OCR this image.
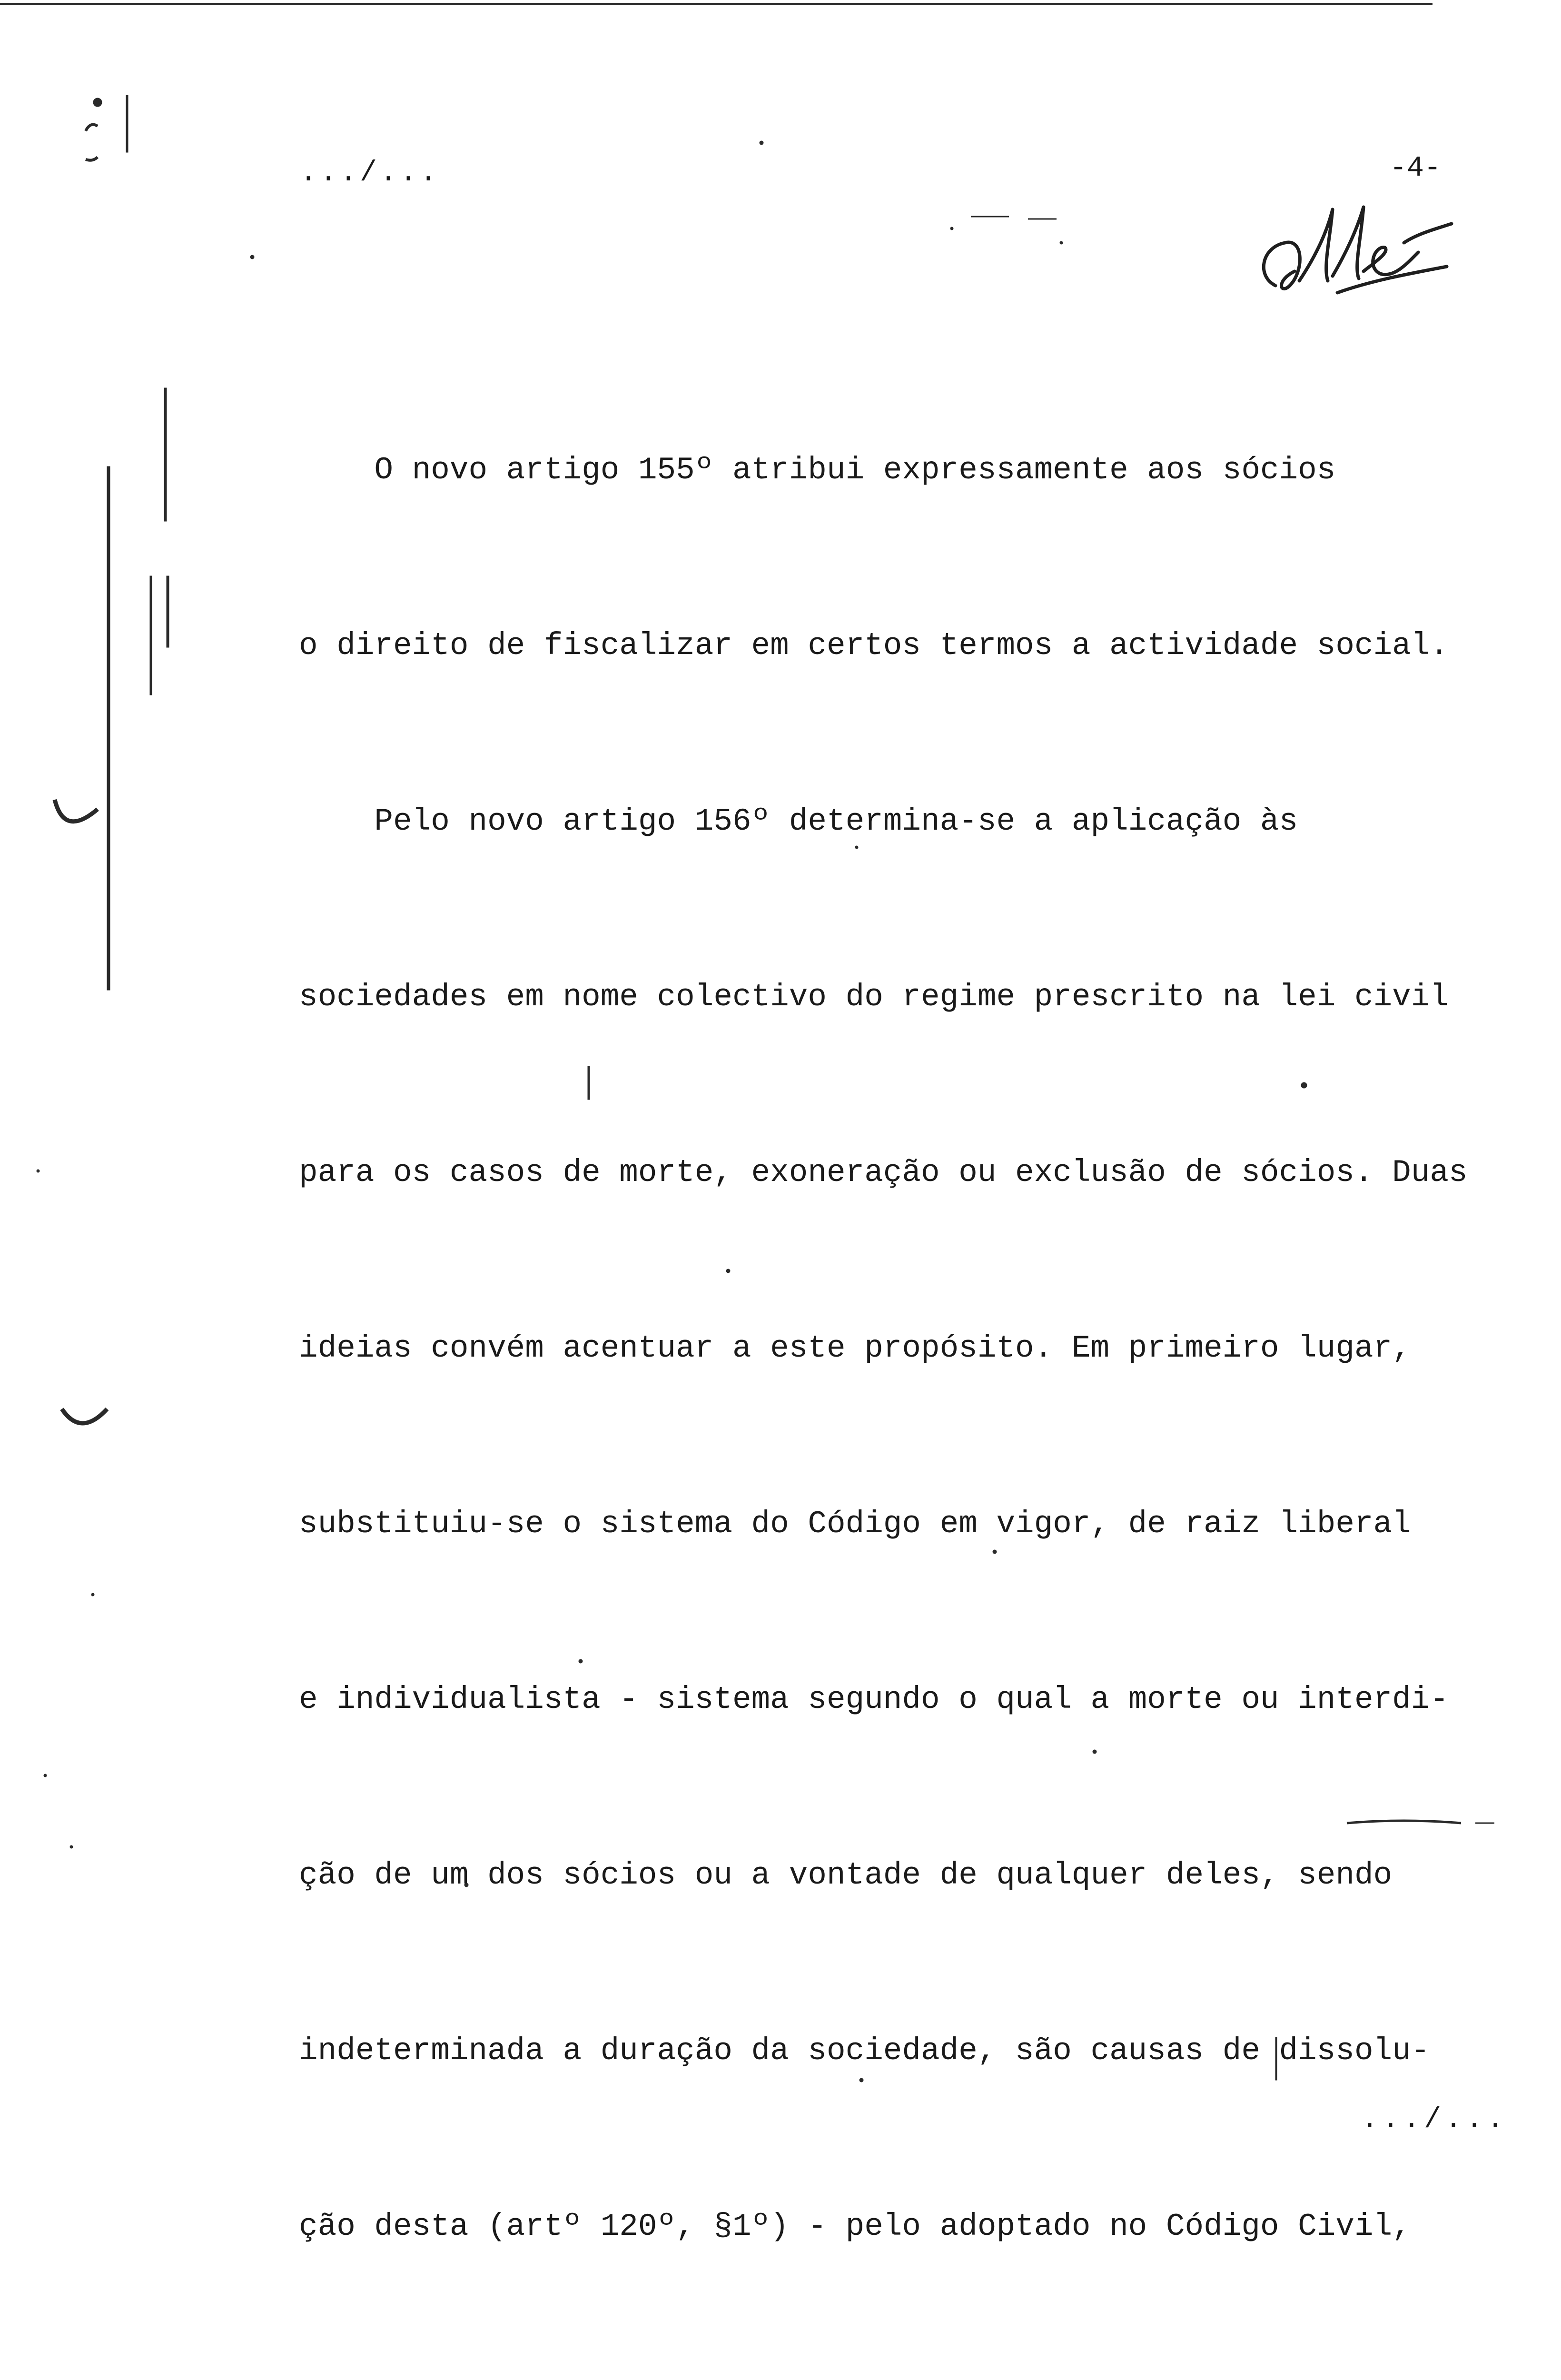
.../...	-4-

O novo artigo 155º atribui expressamente aos sócios

o direito de fiscalizar em certos termos a actividade social.

Pelo novo artigo 156º determina-se a aplicação às

sociedades em nome colectivo do regime prescrito na lei civil

para os casos de morte, exoneração ou exclusão de sócios. Duas

ideias convém acentuar a este propósito. Em primeiro lugar,

substituiu-se o sistema do Código em vigor, de raiz liberal

e individualista - sistema segundo o qual a morte ou interdi-

ção de um dos sócios ou a vontade de qualquer deles, sendo

indeterminada a duração da sociedade, são causas de dissolu-

ção desta (artº 120º, §1º) - pelo adoptado no Código Civil,

.../...
